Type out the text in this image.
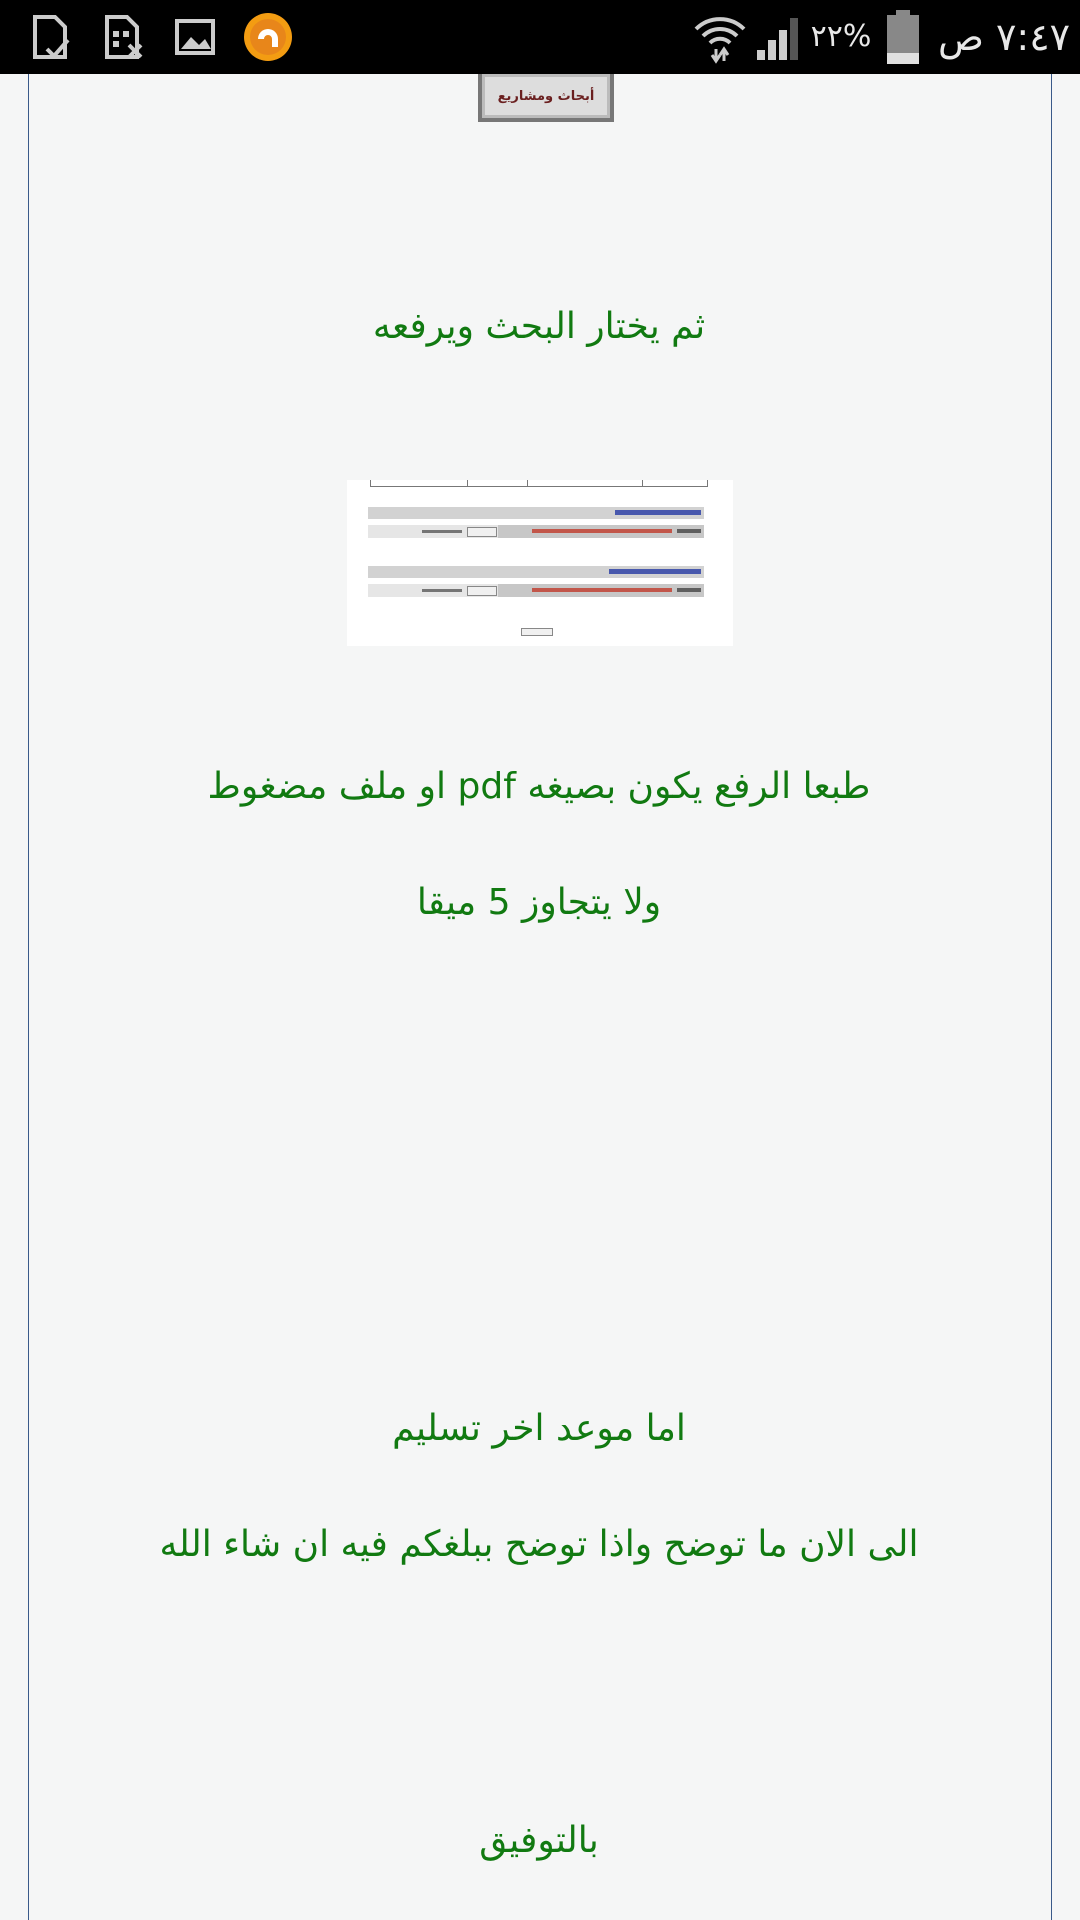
٢٢% ٧:٤٧ ص
أبحاث ومشاريع
ثم يختار البحث ويرفعه
طبعا الرفع يكون بصيغه pdf او ملف مضغوط
ولا يتجاوز 5 ميقا
اما موعد اخر تسليم
الى الان ما توضح واذا توضح ببلغكم فيه ان شاء الله
بالتوفيق
